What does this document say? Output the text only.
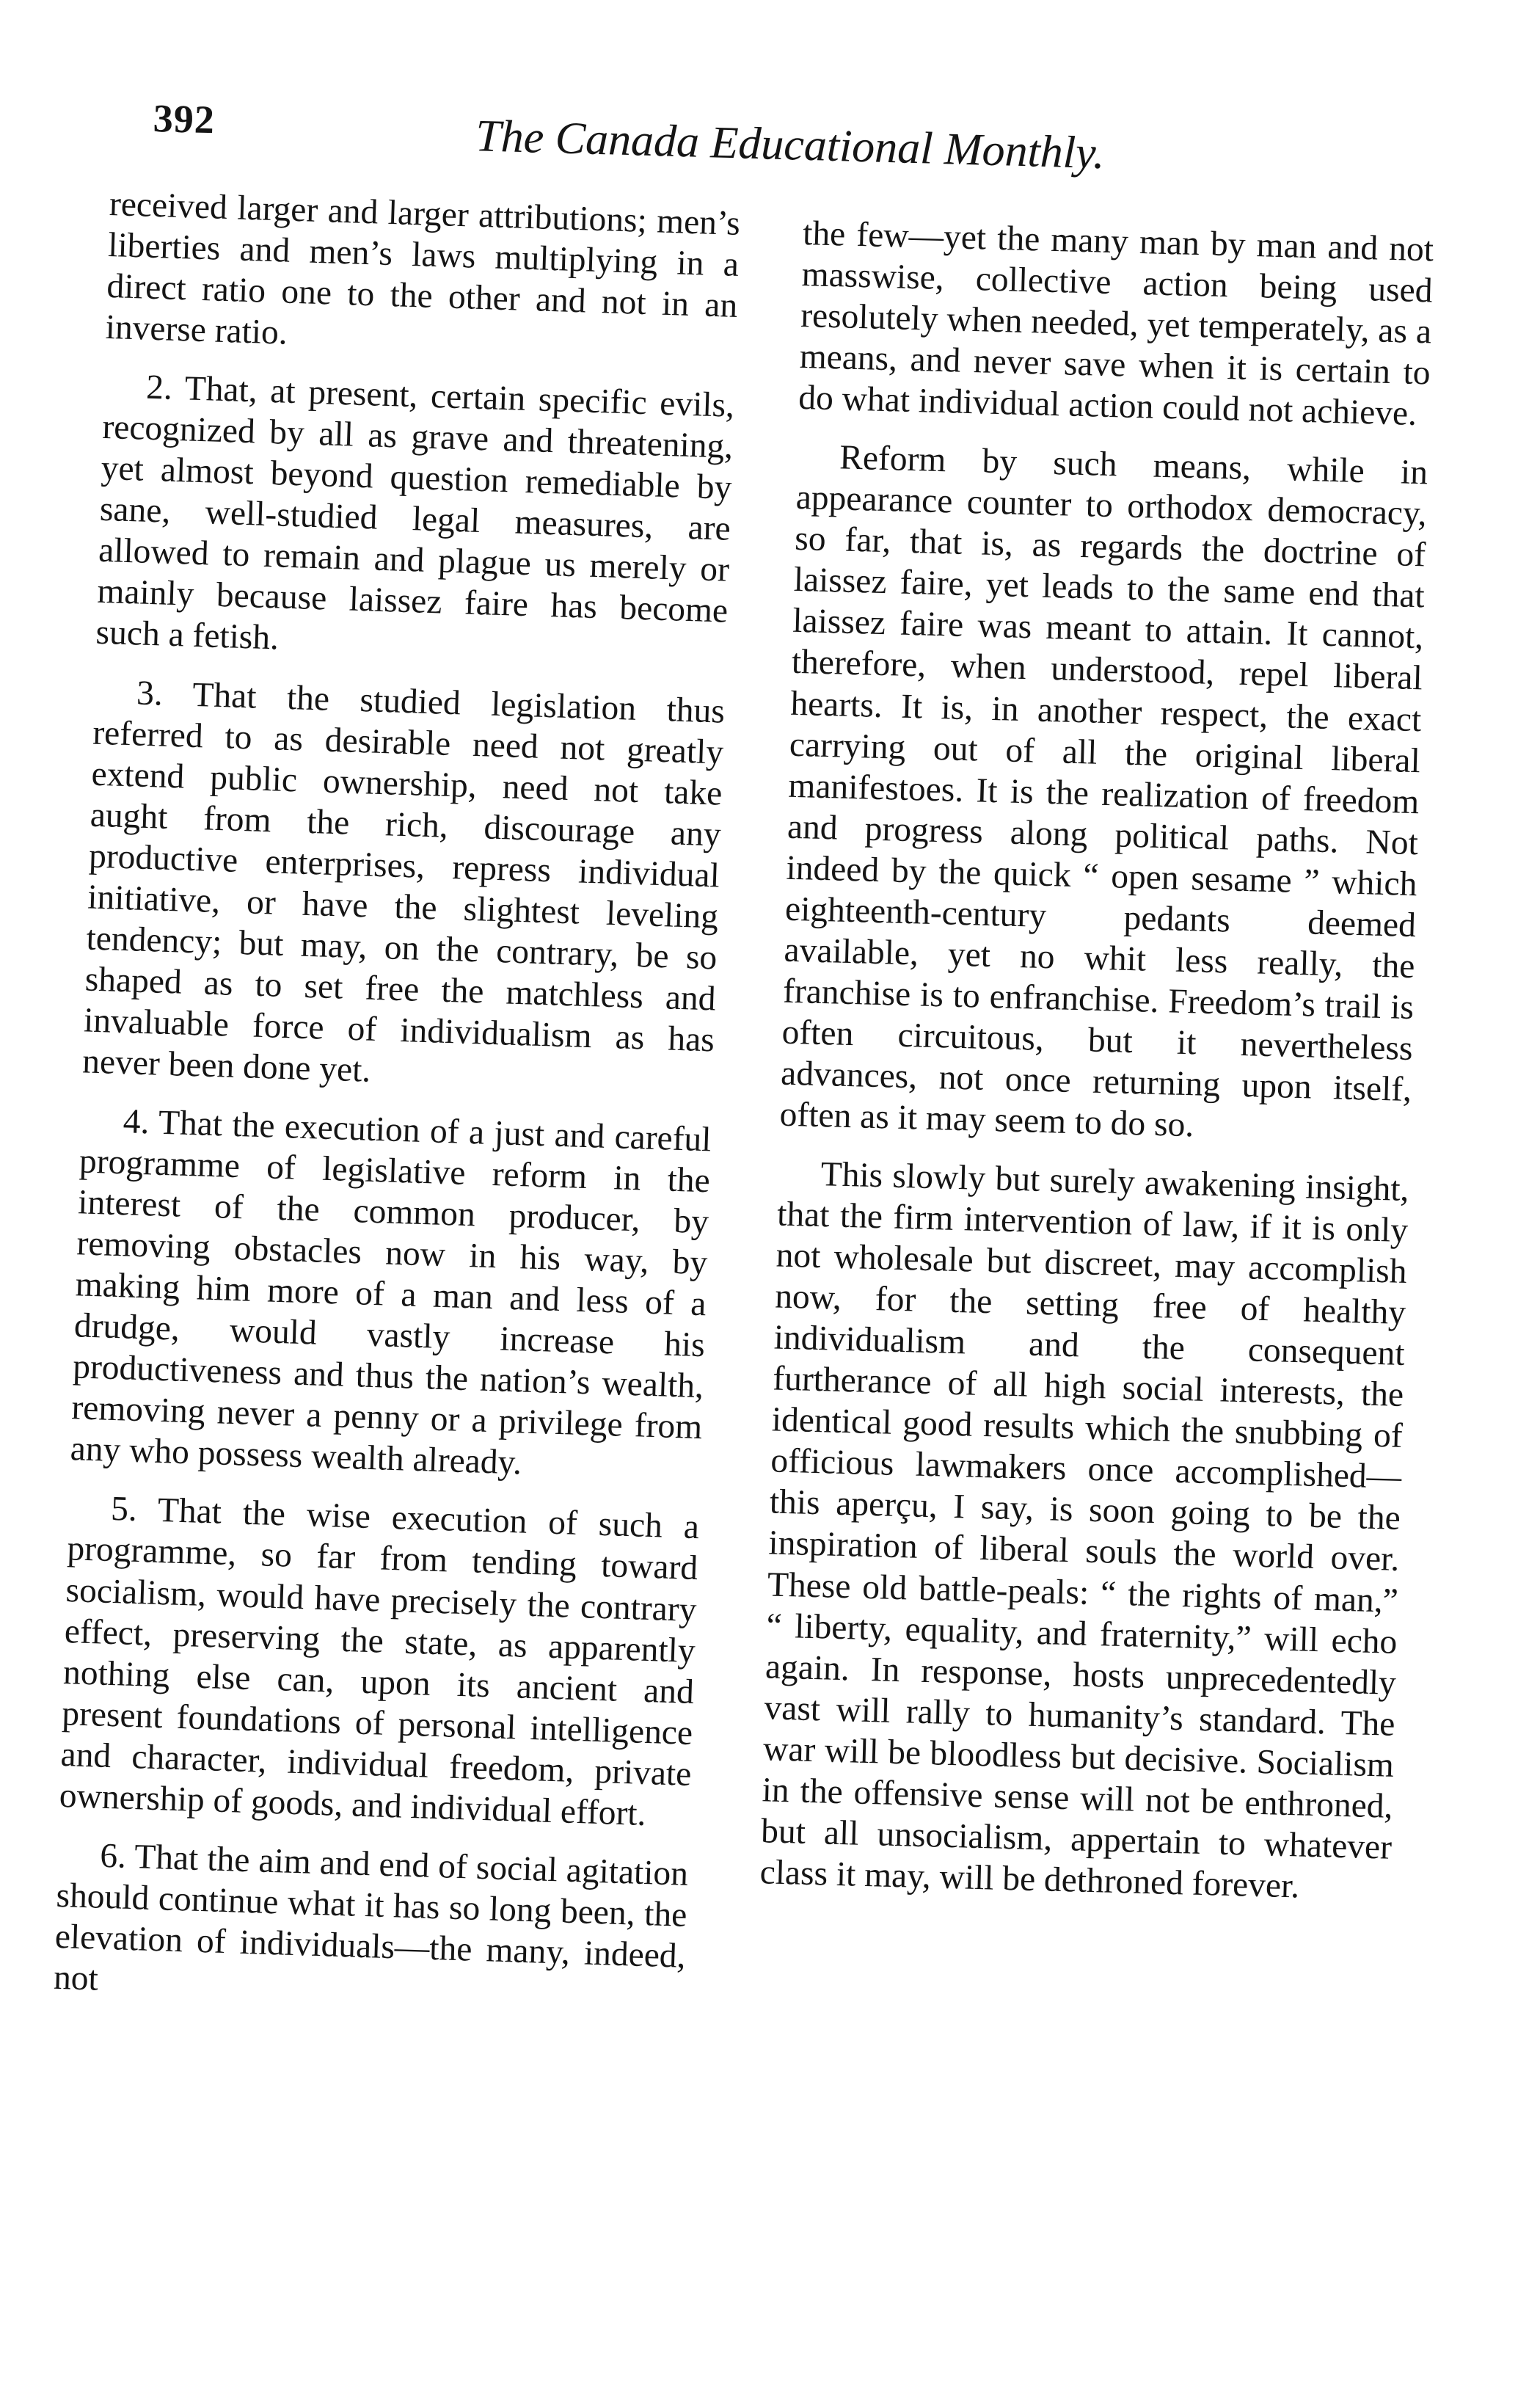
392	The Canada Educational Monthly.

received larger and larger attributions; men’s liberties and men’s laws multiplying in a direct ratio one to the other and not in an inverse ratio.

2. That, at present, certain specific evils, recognized by all as grave and threatening, yet almost beyond question remediable by sane, well-studied legal measures, are allowed to remain and plague us merely or mainly because laissez faire has become such a fetish.

3. That the studied legislation thus referred to as desirable need not greatly extend public ownership, need not take aught from the rich, discourage any productive enterprises, repress individual initiative, or have the slightest leveling tendency; but may, on the contrary, be so shaped as to set free the matchless and invaluable force of individualism as has never been done yet.

4. That the execution of a just and careful programme of legislative reform in the interest of the common producer, by removing obstacles now in his way, by making him more of a man and less of a drudge, would vastly increase his productiveness and thus the nation’s wealth, removing never a penny or a privilege from any who possess wealth already.

5. That the wise execution of such a programme, so far from tending toward socialism, would have precisely the contrary effect, preserving the state, as apparently nothing else can, upon its ancient and present foundations of personal intelligence and character, individual freedom, private ownership of goods, and individual effort.

6. That the aim and end of social agitation should continue what it has so long been, the elevation of individuals—the many, indeed, not

the few—yet the many man by man and not masswise, collective action being used resolutely when needed, yet temperately, as a means, and never save when it is certain to do what individual action could not achieve.

Reform by such means, while in appearance counter to orthodox democracy, so far, that is, as regards the doctrine of laissez faire, yet leads to the same end that laissez faire was meant to attain. It cannot, therefore, when understood, repel liberal hearts. It is, in another respect, the exact carrying out of all the original liberal manifestoes. It is the realization of freedom and progress along political paths. Not indeed by the quick “ open sesame ” which eighteenth-century pedants deemed available, yet no whit less really, the franchise is to enfranchise. Freedom’s trail is often circuitous, but it nevertheless advances, not once returning upon itself, often as it may seem to do so.

This slowly but surely awakening insight, that the firm intervention of law, if it is only not wholesale but discreet, may accomplish now, for the setting free of healthy individualism and the consequent furtherance of all high social interests, the identical good results which the snubbing of officious lawmakers once accomplished—this aperçu, I say, is soon going to be the inspiration of liberal souls the world over. These old battle-peals: “ the rights of man,” “ liberty, equality, and fraternity,” will echo again. In response, hosts unprecedentedly vast will rally to humanity’s standard. The war will be bloodless but decisive. Socialism in the offensive sense will not be enthroned, but all unsocialism, appertain to whatever class it may, will be dethroned forever.
